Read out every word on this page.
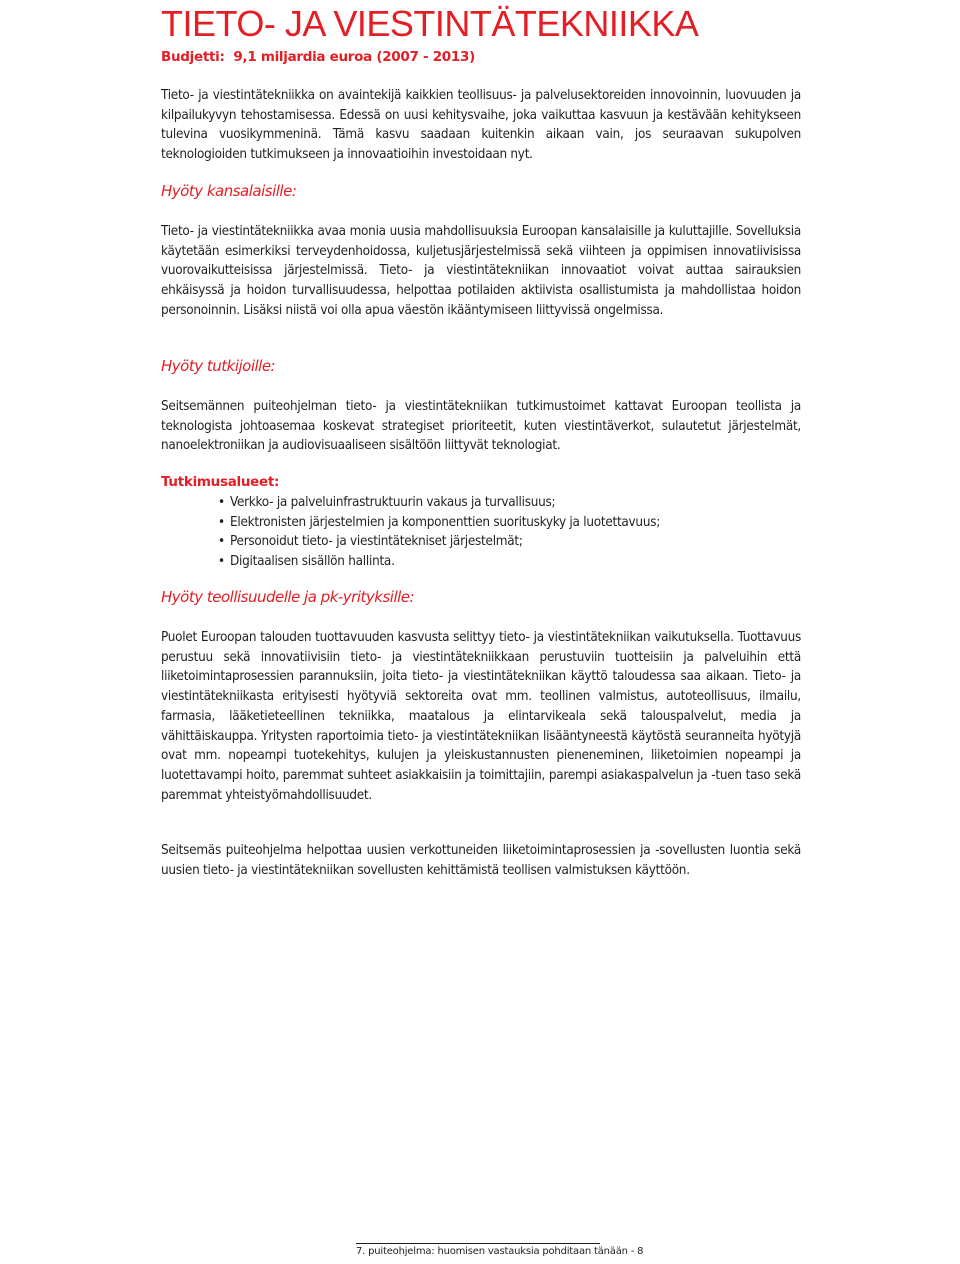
TIETO- JA VIESTINTÄTEKNIIKKA
Budjetti: 9,1 miljardia euroa (2007 - 2013)

Tieto- ja viestintätekniikka on avaintekijä kaikkien teollisuus- ja palvelusektoreiden innovoinnin, luovuuden ja kilpailukyvyn tehostamisessa. Edessä on uusi kehitysvaihe, joka vaikuttaa kasvuun ja kestävään kehitykseen tulevina vuosikymmeninä. Tämä kasvu saadaan kuitenkin aikaan vain, jos seuraavan sukupolven teknologioiden tutkimukseen ja innovaatioihin investoidaan nyt.

Hyöty kansalaisille:

Tieto- ja viestintätekniikka avaa monia uusia mahdollisuuksia Euroopan kansalaisille ja kuluttajille. Sovelluksia käytetään esimerkiksi terveydenhoidossa, kuljetusjärjestelmissä sekä viihteen ja oppimisen innovatiivisissa vuorovaikutteisissa järjestelmissä. Tieto- ja viestintätekniikan innovaatiot voivat auttaa sairauksien ehkäisyssä ja hoidon turvallisuudessa, helpottaa potilaiden aktiivista osallistumista ja mahdollistaa hoidon personoinnin. Lisäksi niistä voi olla apua väestön ikääntymiseen liittyvissä ongelmissa.

Hyöty tutkijoille:

Seitsemännen puiteohjelman tieto- ja viestintätekniikan tutkimustoimet kattavat Euroopan teollista ja teknologista johtoasemaa koskevat strategiset prioriteetit, kuten viestintäverkot, sulautetut järjestelmät, nanoelektroniikan ja audiovisuaaliseen sisältöön liittyvät teknologiat.

Tutkimusalueet:
• Verkko- ja palveluinfrastruktuurin vakaus ja turvallisuus;
• Elektronisten järjestelmien ja komponenttien suorituskyky ja luotettavuus;
• Personoidut tieto- ja viestintätekniset järjestelmät;
• Digitaalisen sisällön hallinta.
Hyöty teollisuudelle ja pk-yrityksille:

Puolet Euroopan talouden tuottavuuden kasvusta selittyy tieto- ja viestintätekniikan vaikutuksella. Tuottavuus perustuu sekä innovatiivisiin tieto- ja viestintätekniikkaan perustuviin tuotteisiin ja palveluihin että liiketoimintaprosessien parannuksiin, joita tieto- ja viestintätekniikan käyttö taloudessa saa aikaan. Tieto- ja viestintätekniikasta erityisesti hyötyviä sektoreita ovat mm. teollinen valmistus, autoteollisuus, ilmailu, farmasia, lääketieteellinen tekniikka, maatalous ja elintarvikeala sekä talouspalvelut, media ja vähittäiskauppa. Yritysten raportoimia tieto- ja viestintätekniikan lisääntyneestä käytöstä seuranneita hyötyjä ovat mm. nopeampi tuotekehitys, kulujen ja yleiskustannusten pieneneminen, liiketoimien nopeampi ja luotettavampi hoito, paremmat suhteet asiakkaisiin ja toimittajiin, parempi asiakaspalvelun ja -tuen taso sekä paremmat yhteistyömahdollisuudet.

Seitsemäs puiteohjelma helpottaa uusien verkottuneiden liiketoimintaprosessien ja -sovellusten luontia sekä uusien tieto- ja viestintätekniikan sovellusten kehittämistä teollisen valmistuksen käyttöön.

7. puiteohjelma: huomisen vastauksia pohditaan tänään - 8
